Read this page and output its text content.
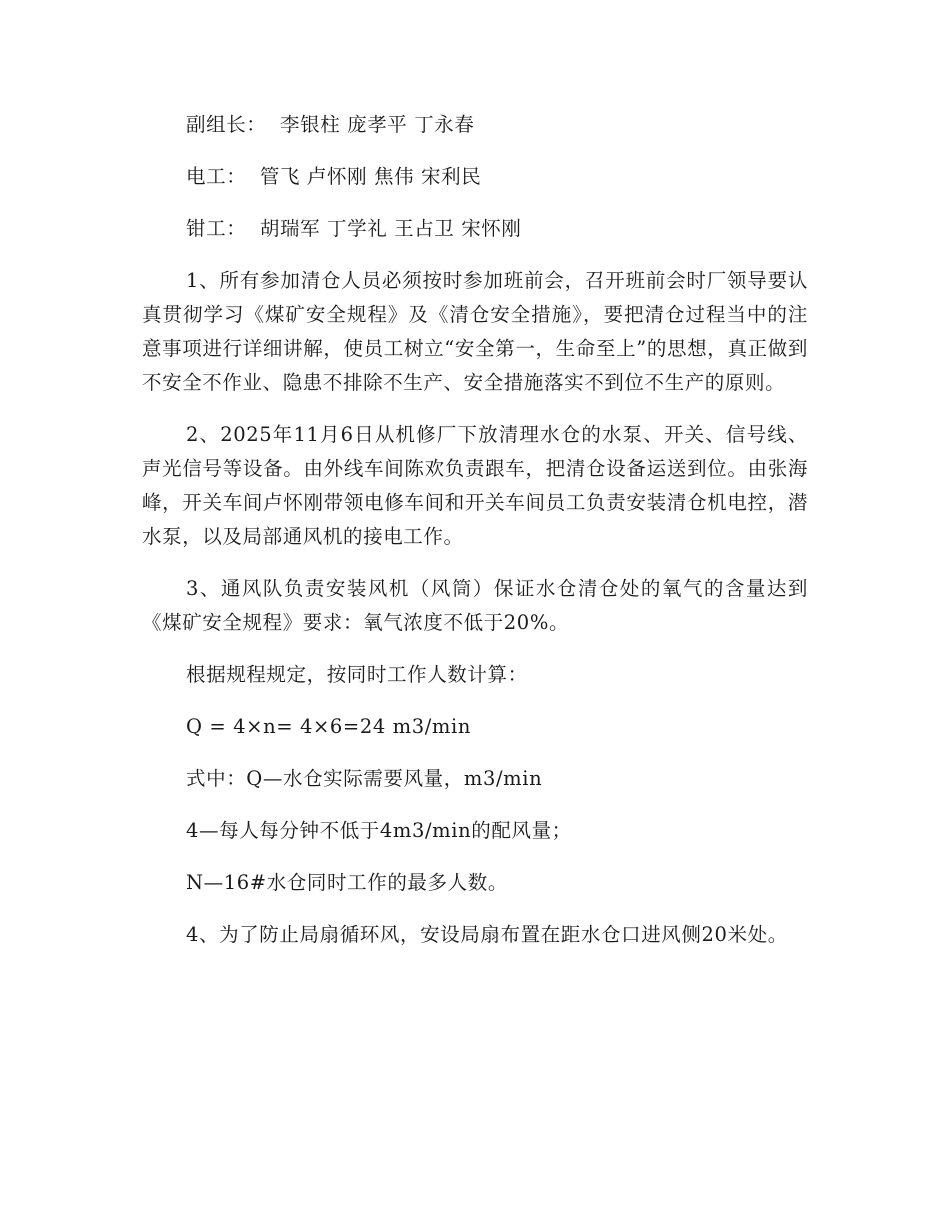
副组长：  李银柱 庞孝平 丁永春

电工：  管飞 卢怀刚 焦伟 宋利民

钳工：  胡瑞军 丁学礼 王占卫 宋怀刚

1、所有参加清仓人员必须按时参加班前会，召开班前会时厂领导要认真贯彻学习《煤矿安全规程》及《清仓安全措施》，要把清仓过程当中的注意事项进行详细讲解，使员工树立“安全第一，生命至上”的思想，真正做到不安全不作业、隐患不排除不生产、安全措施落实不到位不生产的原则。

2、2025年11月6日从机修厂下放清理水仓的水泵、开关、信号线、声光信号等设备。由外线车间陈欢负责跟车，把清仓设备运送到位。由张海峰，开关车间卢怀刚带领电修车间和开关车间员工负责安装清仓机电控，潜水泵，以及局部通风机的接电工作。

3、通风队负责安装风机（风筒）保证水仓清仓处的氧气的含量达到《煤矿安全规程》要求：氧气浓度不低于20%。

根据规程规定，按同时工作人数计算：

Q = 4×n= 4×6=24 m3/min

式中：Q—水仓实际需要风量，m3/min

4—每人每分钟不低于4m3/min的配风量；

N—16#水仓同时工作的最多人数。

4、为了防止局扇循环风，安设局扇布置在距水仓口进风侧20米处。
